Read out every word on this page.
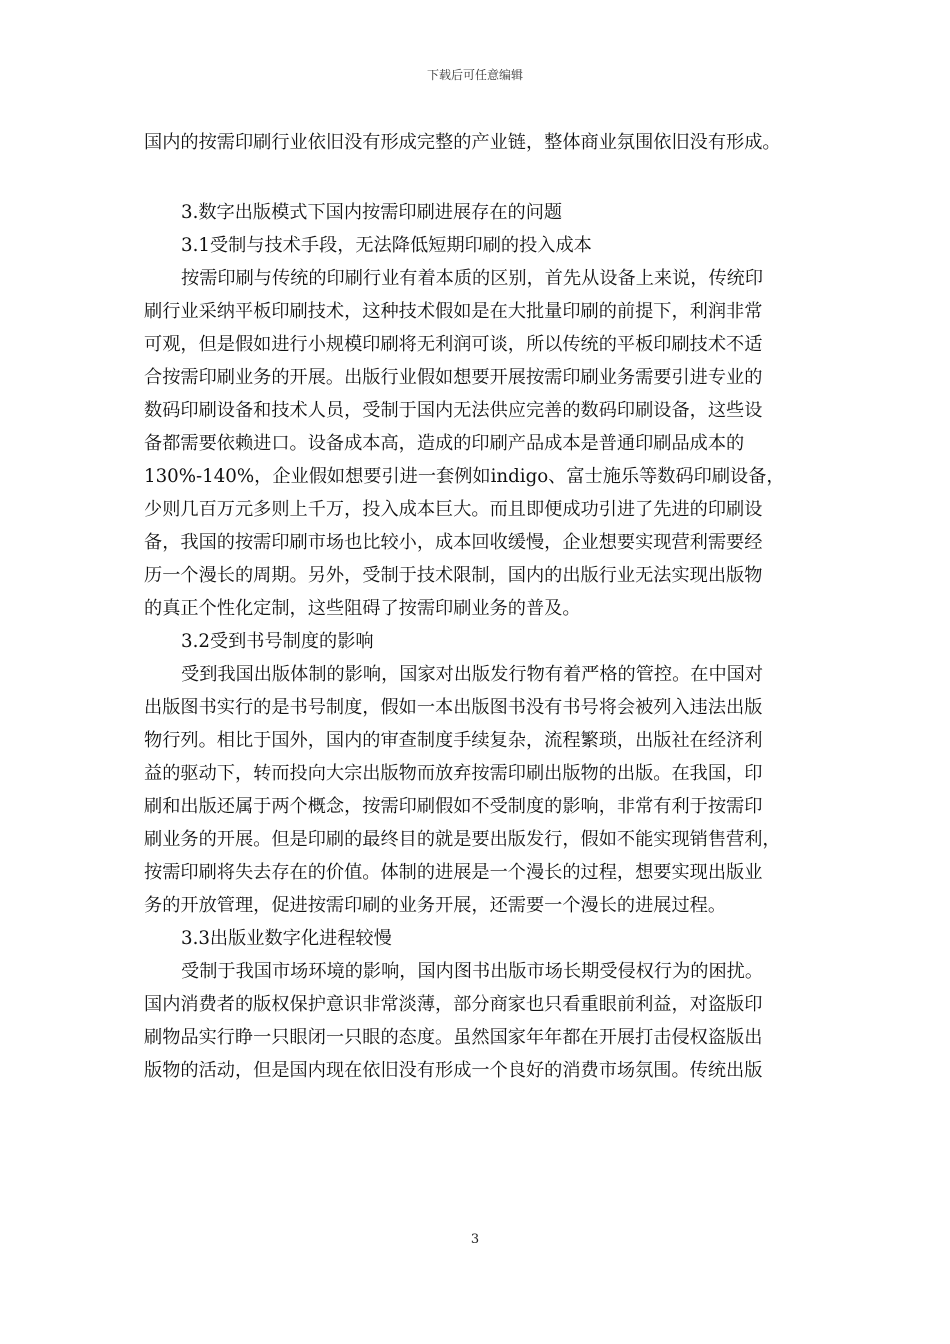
下载后可任意编辑
国内的按需印刷行业依旧没有形成完整的产业链，整体商业氛围依旧没有形成。
3.数字出版模式下国内按需印刷进展存在的问题
3.1受制与技术手段，无法降低短期印刷的投入成本
按需印刷与传统的印刷行业有着本质的区别，首先从设备上来说，传统印
刷行业采纳平板印刷技术，这种技术假如是在大批量印刷的前提下，利润非常
可观，但是假如进行小规模印刷将无利润可谈，所以传统的平板印刷技术不适
合按需印刷业务的开展。出版行业假如想要开展按需印刷业务需要引进专业的
数码印刷设备和技术人员，受制于国内无法供应完善的数码印刷设备，这些设
备都需要依赖进口。设备成本高，造成的印刷产品成本是普通印刷品成本的
130%-140%，企业假如想要引进一套例如indigo、富士施乐等数码印刷设备，
少则几百万元多则上千万，投入成本巨大。而且即便成功引进了先进的印刷设
备，我国的按需印刷市场也比较小，成本回收缓慢，企业想要实现营利需要经
历一个漫长的周期。另外，受制于技术限制，国内的出版行业无法实现出版物
的真正个性化定制，这些阻碍了按需印刷业务的普及。
3.2受到书号制度的影响
受到我国出版体制的影响，国家对出版发行物有着严格的管控。在中国对
出版图书实行的是书号制度，假如一本出版图书没有书号将会被列入违法出版
物行列。相比于国外，国内的审查制度手续复杂，流程繁琐，出版社在经济利
益的驱动下，转而投向大宗出版物而放弃按需印刷出版物的出版。在我国，印
刷和出版还属于两个概念，按需印刷假如不受制度的影响，非常有利于按需印
刷业务的开展。但是印刷的最终目的就是要出版发行，假如不能实现销售营利，
按需印刷将失去存在的价值。体制的进展是一个漫长的过程，想要实现出版业
务的开放管理，促进按需印刷的业务开展，还需要一个漫长的进展过程。
3.3出版业数字化进程较慢
受制于我国市场环境的影响，国内图书出版市场长期受侵权行为的困扰。
国内消费者的版权保护意识非常淡薄，部分商家也只看重眼前利益，对盗版印
刷物品实行睁一只眼闭一只眼的态度。虽然国家年年都在开展打击侵权盗版出
版物的活动，但是国内现在依旧没有形成一个良好的消费市场氛围。传统出版
3
